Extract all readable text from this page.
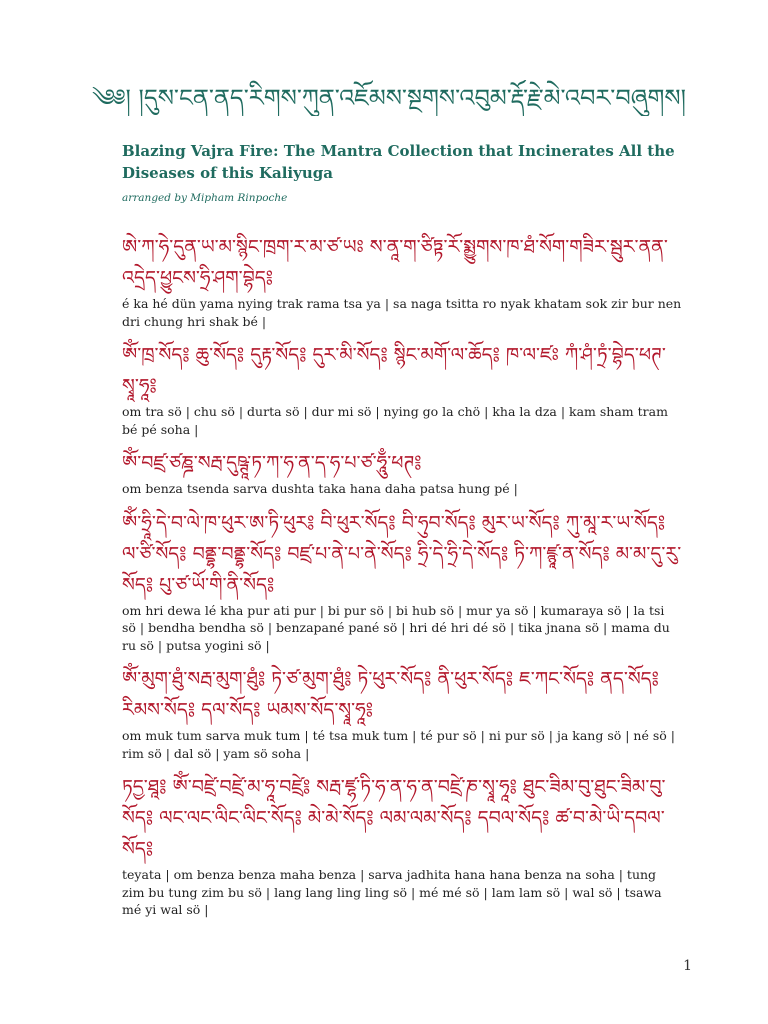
༄༅། །དུས་ངན་ནད་རིགས་ཀུན་འཇོམས་སྔགས་འབུམ་རྡོ་རྗེ་མེ་འབར་བཞུགས།
Blazing Vajra Fire: The Mantra Collection that Incinerates All the Diseases of this Kaliyuga
arranged by Mipham Rinpoche
ཨེ་ཀ་ཧེ་དུན་ཡ་མ་སྙིང་ཁྲག་ར་མ་ཙ་ཡཿ ས་ནཱ་ག་ཙིཏྟ་རོ་སྨྱུགས་ཁ་ཐཾ་སོག་གཟིར་སྦུར་ནན་འདྲེད་ཕྱུངས་ཧྲི་ཤག་བྷེད༔
é ka hé dün yama nying trak rama tsa ya | sa naga tsitta ro nyak khatam sok zir bur nen dri chung hri shak bé |
ཨོཾ་ཁྲ་སོད༔ ཆུ་སོད༔ དུརྟ་སོད༔ དུར་མི་སོད༔ སྙིང་མགོ་ལ་ཆོད༔ ཁ་ལ་ཛཿ ཀཾ་ཤཾ་ཏྲཾ་བྷེད་ཕཊ་སྭཱ་ཧཱ༔
om tra sö | chu sö | durta sö | dur mi sö | nying go la chö | kha la dza | kam sham tram bé pé soha |
ཨོཾ་བཛྲ་ཙཎྜ་སརྦ་དུཥྚཱ་ཏ་ཀ་ཧ་ན་ད་ཧ་པ་ཙ་ཧཱུྃ་ཕཊ༔
om benza tsenda sarva dushta taka hana daha patsa hung pé |
ཨོཾ་ཧྲཱི་དེ་བ་ལེ་ཁ་ཕུར་ཨ་ཏི་ཕུར༔ བི་ཕུར་སོད༔ བི་ཧུབ་སོད༔ མུར་ཡ་སོད༔ ཀུ་མཱ་ར་ཡ་སོད༔ ལ་ཙི་སོད༔ བནྡྷ་བནྡྷ་སོད༔ བཛྲ་པ་ནེ་པ་ནེ་སོད༔ ཧྲི་དེ་ཧྲི་དེ་སོད༔ ཏི་ཀ་ཛྙཱ་ན་སོད༔ མ་མ་དུ་རུ་སོད༔ པུ་ཙ་ཡོ་གི་ནི་སོད༔
om hri dewa lé kha pur ati pur | bi pur sö | bi hub sö | mur ya sö | kumaraya sö | la tsi sö | bendha bendha sö | benzapané pané sö | hri dé hri dé sö | tika jnana sö | mama du ru sö | putsa yogini sö |
ཨོཾ་མུག་ཐུཾ་སརྦ་མུག་ཐུཾ༔ ཏེ་ཙ་མུག་ཐུཾ༔ ཏེ་ཕུར་སོད༔ ནི་ཕུར་སོད༔ ཇ་ཀང་སོད༔ ནད་སོད༔ རིམས་སོད༔ དལ་སོད༔ ཡམས་སོད་སྭཱ་ཧཱ༔
om muk tum sarva muk tum | té tsa muk tum | té pur sö | ni pur sö | ja kang sö | né sö | rim sö | dal sö | yam sö soha |
ཏདྱ་ཐཱ༔ ཨོཾ་བཛྲེ་བཛྲེ་མ་ཧཱ་བཛྲེ༔ སརྦ་ཛྷ་ཏི་ཧ་ན་ཧ་ན་བཛྲེ་ཎ་སྭཱ་ཧཱ༔ ཐུང་ཟིམ་བུ་ཐུང་ཟིམ་བུ་སོད༔ ལང་ལང་ལིང་ལིང་སོད༔ མེ་མེ་སོད༔ ལམ་ལམ་སོད༔ དབལ་སོད༔ ཚ་བ་མེ་ཡི་དབལ་སོད༔
teyata | om benza benza maha benza | sarva jadhita hana hana benza na soha | tung zim bu tung zim bu sö | lang lang ling ling sö | mé mé sö | lam lam sö | wal sö | tsawa mé yi wal sö |
1
